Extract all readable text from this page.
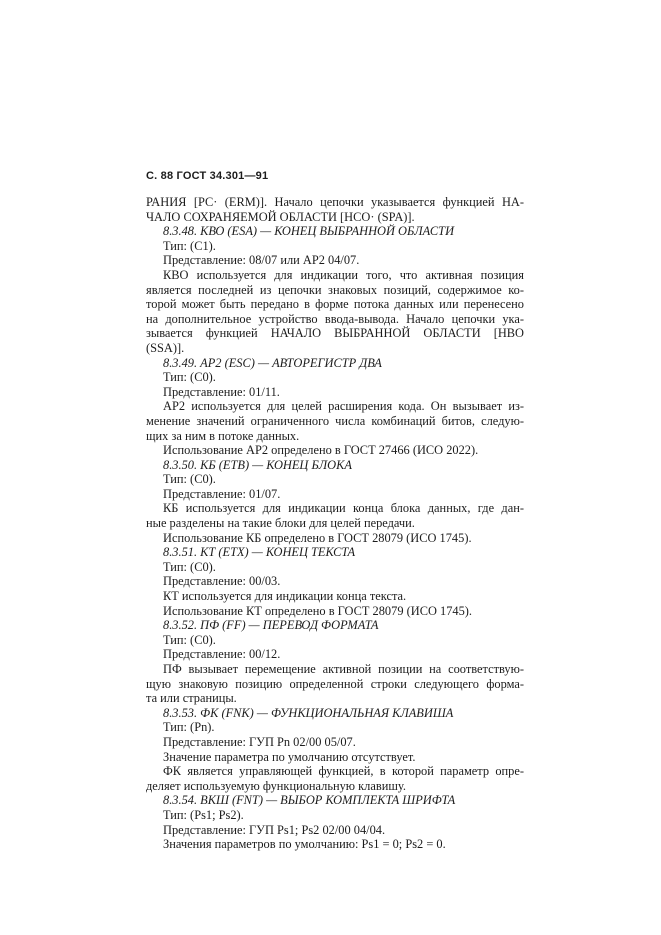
С. 88 ГОСТ 34.301—91
РАНИЯ [РС· (ERM)]. Начало цепочки указывается функцией НА-
ЧАЛО СОХРАНЯЕМОЙ ОБЛАСТИ [НСО· (SPA)].
8.3.48. КВО (ESA) — КОНЕЦ ВЫБРАННОЙ ОБЛАСТИ
Тип: (С1).
Представление: 08/07 или АР2 04/07.
КВО используется для индикации того, что активная позиция
является последней из цепочки знаковых позиций, содержимое ко-
торой может быть передано в форме потока данных или перенесено
на дополнительное устройство ввода-вывода. Начало цепочки ука-
зывается функцией НАЧАЛО ВЫБРАННОЙ ОБЛАСТИ [НВО
(SSA)].
8.3.49. АР2 (ESC) — АВТОРЕГИСТР ДВА
Тип: (С0).
Представление: 01/11.
АР2 используется для целей расширения кода. Он вызывает из-
менение значений ограниченного числа комбинаций битов, следую-
щих за ним в потоке данных.
Использование АР2 определено в ГОСТ 27466 (ИСО 2022).
8.3.50. КБ (ETB) — КОНЕЦ БЛОКА
Тип: (С0).
Представление: 01/07.
КБ используется для индикации конца блока данных, где дан-
ные разделены на такие блоки для целей передачи.
Использование КБ определено в ГОСТ 28079 (ИСО 1745).
8.3.51. КТ (ETX) — КОНЕЦ ТЕКСТА
Тип: (С0).
Представление: 00/03.
КТ используется для индикации конца текста.
Использование КТ определено в ГОСТ 28079 (ИСО 1745).
8.3.52. ПФ (FF) — ПЕРЕВОД ФОРМАТА
Тип: (С0).
Представление: 00/12.
ПФ вызывает перемещение активной позиции на соответствую-
щую знаковую позицию определенной строки следующего форма-
та или страницы.
8.3.53. ФК (FNK) — ФУНКЦИОНАЛЬНАЯ КЛАВИША
Тип: (Рn).
Представление: ГУП Рn 02/00 05/07.
Значение параметра по умолчанию отсутствует.
ФК является управляющей функцией, в которой параметр опре-
деляет используемую функциональную клавишу.
8.3.54. ВКШ (FNT) — ВЫБОР КОМПЛЕКТА ШРИФТА
Тип: (Рs1; Рs2).
Представление: ГУП Рs1; Рs2 02/00 04/04.
Значения параметров по умолчанию: Рs1 = 0; Рs2 = 0.
